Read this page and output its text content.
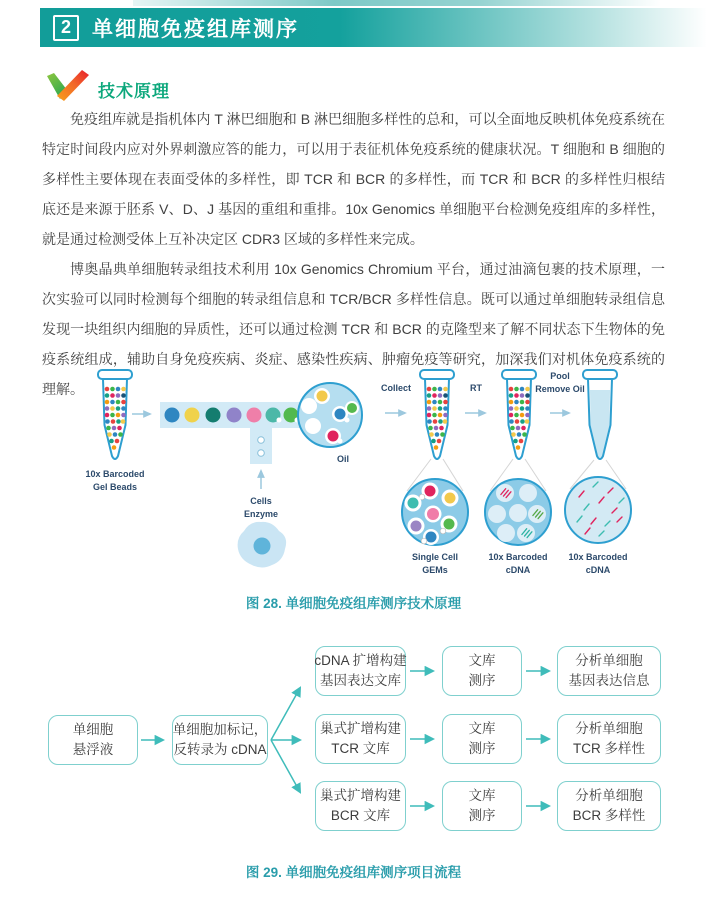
2	单细胞免疫组库测序
技术原理

免疫组库就是指机体内 T 淋巴细胞和 B 淋巴细胞多样性的总和，可以全面地反映机体免疫系统在特定时间段内应对外界刺激应答的能力，可以用于表征机体免疫系统的健康状况。T 细胞和 B 细胞的多样性主要体现在表面受体的多样性，即 TCR 和 BCR 的多样性，而 TCR 和 BCR 的多样性归根结底还是来源于胚系 V、D、J 基因的重组和重排。10x Genomics 单细胞平台检测免疫组库的多样性，就是通过检测受体上互补决定区 CDR3 区域的多样性来完成。

博奥晶典单细胞转录组技术利用 10x Genomics Chromium 平台，通过油滴包裹的技术原理，一次实验可以同时检测每个细胞的转录组信息和 TCR/BCR 多样性信息。既可以通过单细胞转录组信息发现一块组织内细胞的异质性，还可以通过检测 TCR 和 BCR 的克隆型来了解不同状态下生物体的免疫系统组成，辅助自身免疫疾病、炎症、感染性疾病、肿瘤免疫等研究，加深我们对机体免疫系统的理解。

Oil
10x Barcoded
Gel Beads
Cells
Enzyme
Collect
Single Cell
GEMs
RT
10x Barcoded
cDNA
Pool
Remove Oil
10x Barcoded
cDNA
图 28. 单细胞免疫组库测序技术原理
单细胞
悬浮液
单细胞加标记，
反转录为 cDNA
cDNA 扩增构建
基因表达文库
巢式扩增构建
TCR 文库
巢式扩增构建
BCR 文库
文库
测序
文库
测序
文库
测序
分析单细胞
基因表达信息
分析单细胞
TCR 多样性
分析单细胞
BCR 多样性
图 29. 单细胞免疫组库测序项目流程
